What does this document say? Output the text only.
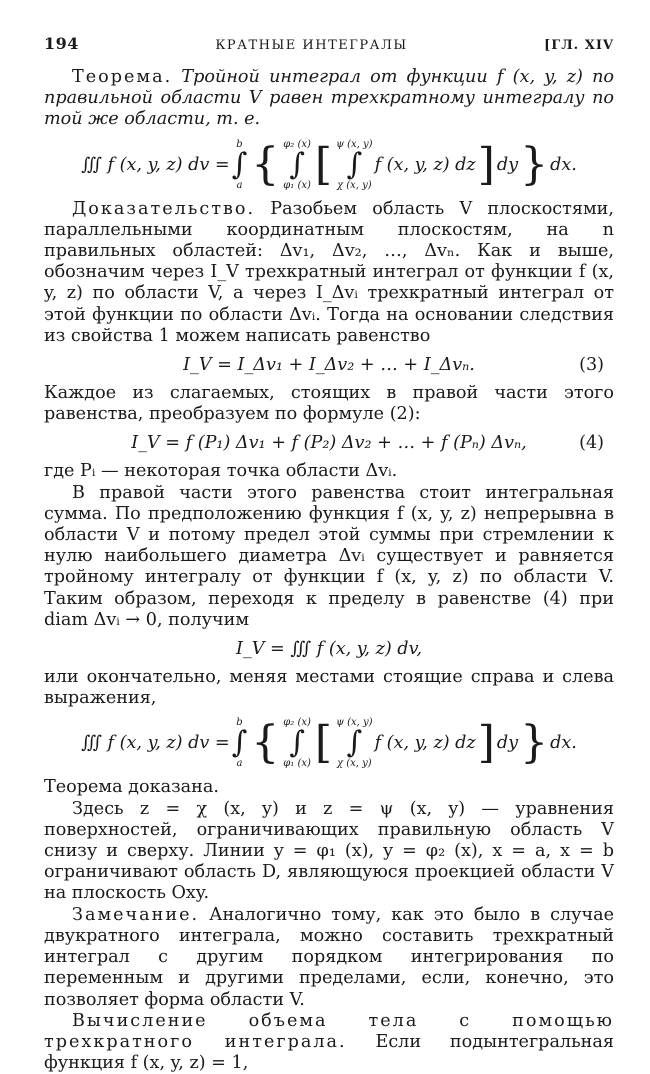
194	КРАТНЫЕ ИНТЕГРАЛЫ	[ГЛ. XIV

Теорема. Тройной интеграл от функции f (x, y, z) по правильной области V равен трехкратному интегралу по той же области, т. е.

∭ f (x, y, z) dv =
b
∫
a { φ₂ (x)
∫
φ₁ (x) [ ψ (x, y)
∫
χ (x, y)
f (x, y, z) dz ] dy } dx.

Доказательство. Разобьем область V плоскостями, параллельными координатным плоскостям, на n правильных областей: Δv₁, Δv₂, …, Δvₙ. Как и выше, обозначим через I_V трехкратный интеграл от функции f (x, y, z) по области V, а через I_Δvᵢ трехкратный интеграл от этой функции по области Δvᵢ. Тогда на основании следствия из свойства 1 можем написать равенство

I_V = I_Δv₁ + I_Δv₂ + … + I_Δvₙ.	(3)

Каждое из слагаемых, стоящих в правой части этого равенства, преобразуем по формуле (2):

I_V = f (P₁) Δv₁ + f (P₂) Δv₂ + … + f (Pₙ) Δvₙ,	(4)

где Pᵢ — некоторая точка области Δvᵢ.

В правой части этого равенства стоит интегральная сумма. По предположению функция f (x, y, z) непрерывна в области V и потому предел этой суммы при стремлении к нулю наибольшего диаметра Δvᵢ существует и равняется тройному интегралу от функции f (x, y, z) по области V. Таким образом, переходя к пределу в равенстве (4) при diam Δvᵢ → 0, получим

I_V = ∭ f (x, y, z) dv,

или окончательно, меняя местами стоящие справа и слева выражения,

∭ f (x, y, z) dv =
b
∫
a { φ₂ (x)
∫
φ₁ (x) [ ψ (x, y)
∫
χ (x, y)
f (x, y, z) dz ] dy } dx.

Теорема доказана.

Здесь z = χ (x, y) и z = ψ (x, y) — уравнения поверхностей, ограничивающих правильную область V снизу и сверху. Линии y = φ₁ (x), y = φ₂ (x), x = a, x = b ограничивают область D, являющуюся проекцией области V на плоскость Oxy.

Замечание. Аналогично тому, как это было в случае двукратного интеграла, можно составить трехкратный интеграл с другим порядком интегрирования по переменным и другими пределами, если, конечно, это позволяет форма области V.

Вычисление объема тела с помощью трехкратного интеграла. Если подынтегральная функция f (x, y, z) = 1,
